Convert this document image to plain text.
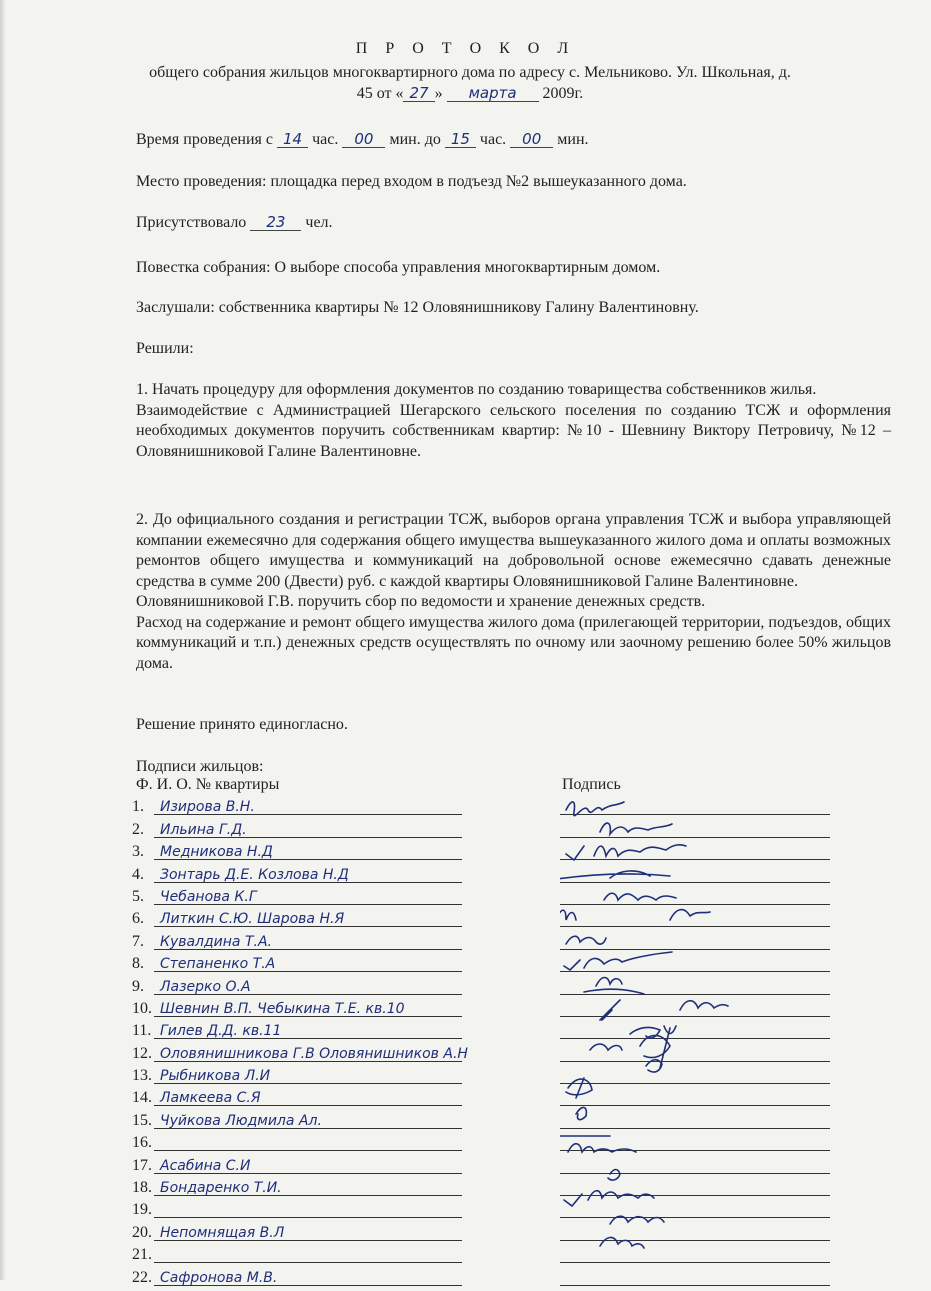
П Р О Т О К О Л
общего собрания жильцов многоквартирного дома по адресу с. Мельниково. Ул. Школьная, д.
45 от « 27 » марта 2009г.
Время проведения с 14 час. 00 мин. до 15 час. 00 мин.
Место проведения: площадка перед входом в подъезд №2 вышеуказанного дома.
Присутствовало 23 чел.
Повестка собрания: О выборе способа управления многоквартирным домом.
Заслушали: собственника квартиры № 12 Оловянишникову Галину Валентиновну.
Решили:

1. Начать процедуру для оформления документов по созданию товарищества собственников жилья.

Взаимодействие с Администрацией Шегарского сельского поселения по созданию ТСЖ и оформления необходимых документов поручить собственникам квартир: №10 - Шевнину Виктору Петровичу, №12 – Оловянишниковой Галине Валентиновне.

2. До официального создания и регистрации ТСЖ, выборов органа управления ТСЖ и выбора управляющей компании ежемесячно для содержания общего имущества вышеуказанного жилого дома и оплаты возможных ремонтов общего имущества и коммуникаций на добровольной основе ежемесячно сдавать денежные средства в сумме 200 (Двести) руб. с каждой квартиры Оловянишниковой Галине Валентиновне.

Оловянишниковой Г.В. поручить сбор по ведомости и хранение денежных средств.

Расход на содержание и ремонт общего имущества жилого дома (прилегающей территории, подъездов, общих коммуникаций и т.п.) денежных средств осуществлять по очному или заочному решению более 50% жильцов дома.

Решение принято единогласно.
Подписи жильцов:
Ф. И. О. № квартиры	Подпись
1. Изирова В.Н.
2. Ильина Г.Д.
3. Медникова Н.Д
4. Зонтарь Д.Е. Козлова Н.Д
5. Чебанова К.Г
6. Литкин С.Ю. Шарова Н.Я
7. Кувалдина Т.А.
8. Степаненко Т.А
9. Лазерко О.А
10. Шевнин В.П. Чебыкина Т.Е. кв.10
11. Гилев Д.Д. кв.11
12. Оловянишникова Г.В Оловянишников А.Н
13. Рыбникова Л.И
14. Ламкеева С.Я
15. Чуйкова Людмила Ал.
16.
17. Асабина С.И
18. Бондаренко Т.И.
19.
20. Непомнящая В.Л
21.
22. Сафронова М.В.
